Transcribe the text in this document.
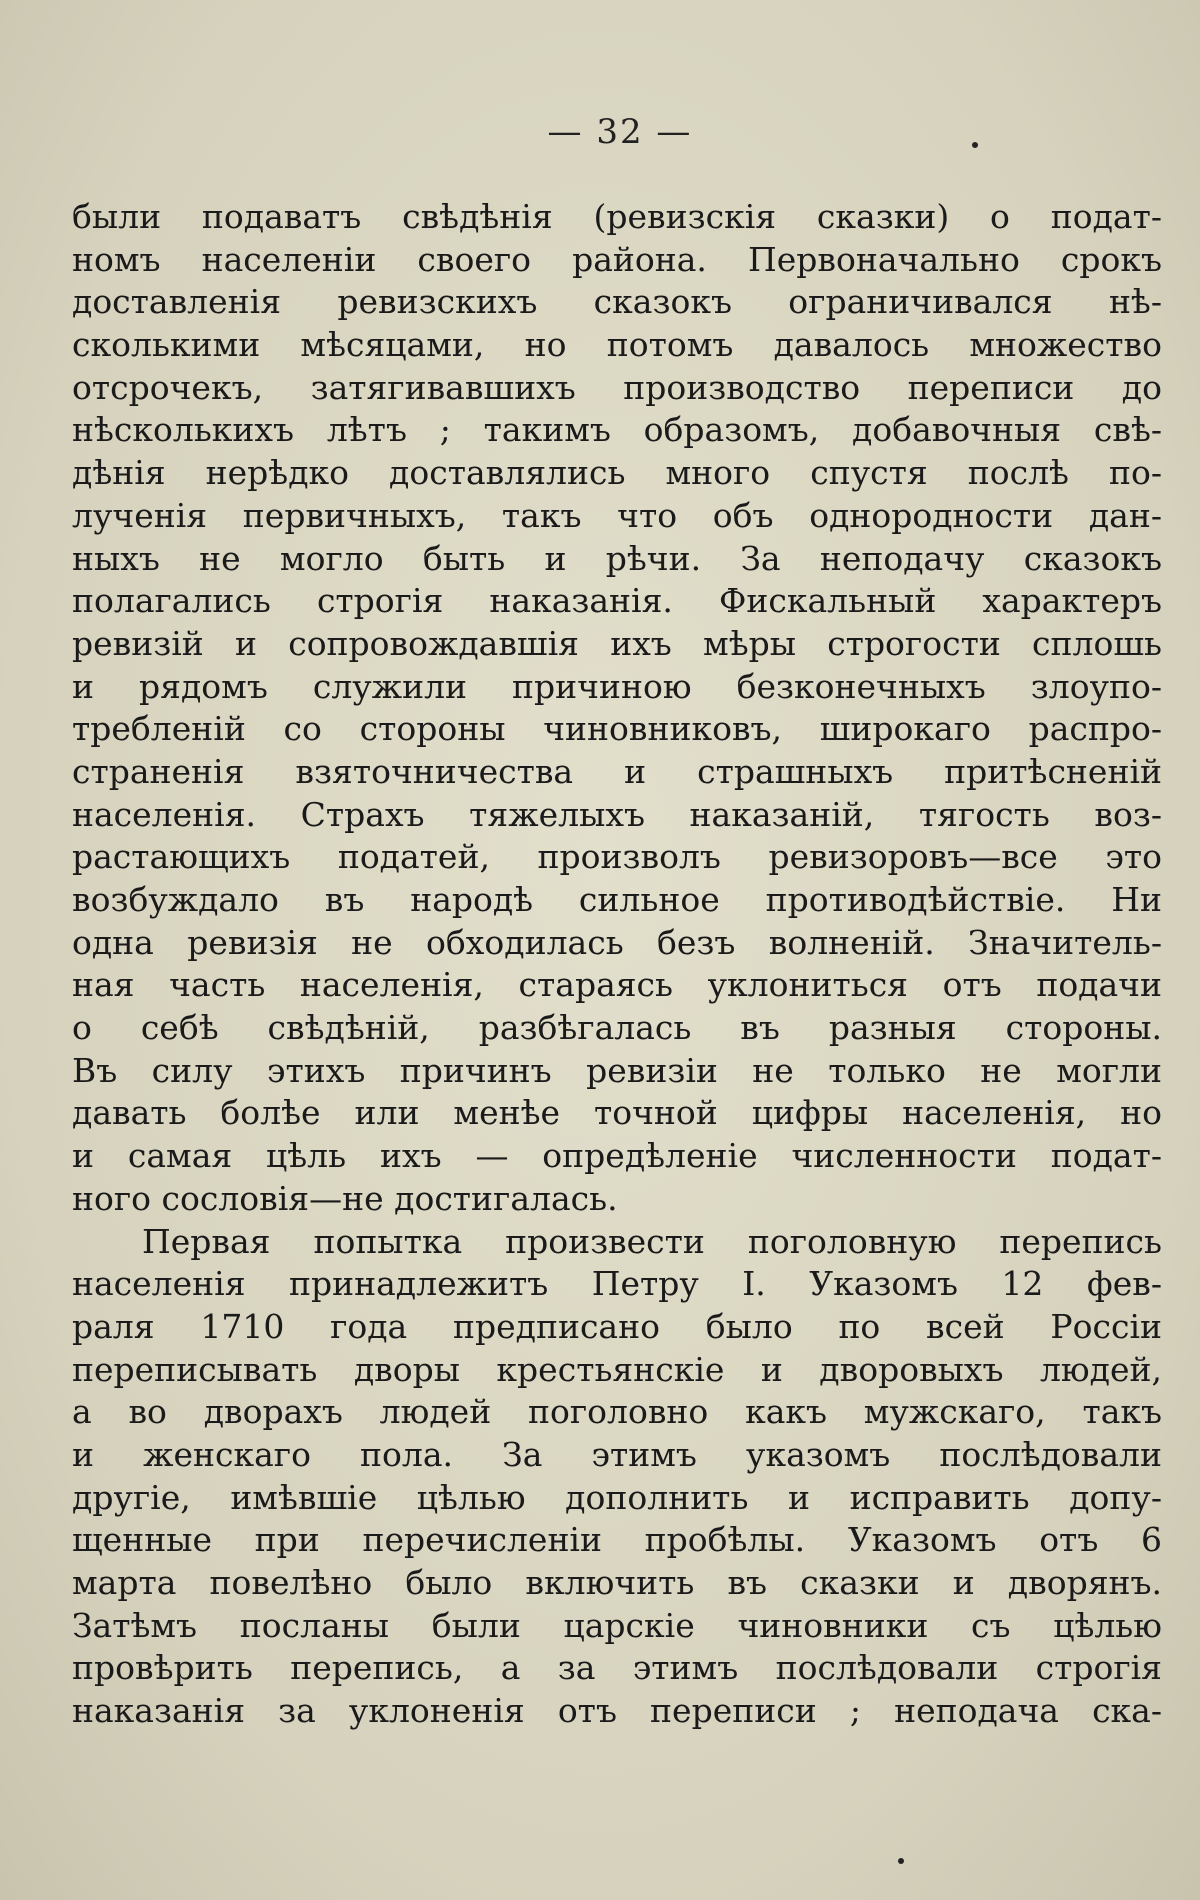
— 32 —
были подаватъ свѣдѣнія (ревизскія сказки) о подат-
номъ населеніи своего района. Первоначально срокъ
доставленія ревизскихъ сказокъ ограничивался нѣ-
сколькими мѣсяцами, но потомъ давалось множество
отсрочекъ, затягивавшихъ производство переписи до
нѣсколькихъ лѣтъ ; такимъ образомъ, добавочныя свѣ-
дѣнія нерѣдко доставлялись много спустя послѣ по-
лученія первичныхъ, такъ что объ однородности дан-
ныхъ не могло быть и рѣчи. За неподачу сказокъ
полагались строгія наказанія. Фискальный характеръ
ревизій и сопровождавшія ихъ мѣры строгости сплошь
и рядомъ служили причиною безконечныхъ злоупо-
требленій со стороны чиновниковъ, широкаго распро-
страненія взяточничества и страшныхъ притѣсненій
населенія. Страхъ тяжелыхъ наказаній, тягость воз-
растающихъ податей, произволъ ревизоровъ—все это
возбуждало въ народѣ сильное противодѣйствіе. Ни
одна ревизія не обходилась безъ волненій. Значитель-
ная часть населенія, стараясь уклониться отъ подачи
о себѣ свѣдѣній, разбѣгалась въ разныя стороны.
Въ силу этихъ причинъ ревизіи не только не могли
давать болѣе или менѣе точной цифры населенія, но
и самая цѣль ихъ — опредѣленіе численности подат-
ного сословія—не достигалась.
Первая попытка произвести поголовную перепись
населенія принадлежитъ Петру I. Указомъ 12 фев-
раля 1710 года предписано было по всей Россіи
переписывать дворы крестьянскіе и дворовыхъ людей,
а во дворахъ людей поголовно какъ мужскаго, такъ
и женскаго пола. За этимъ указомъ послѣдовали
другіе, имѣвшіе цѣлью дополнить и исправить допу-
щенные при перечисленіи пробѣлы. Указомъ отъ 6
марта повелѣно было включить въ сказки и дворянъ.
Затѣмъ посланы были царскіе чиновники съ цѣлью
провѣрить перепись, а за этимъ послѣдовали строгія
наказанія за уклоненія отъ переписи ; неподача ска-
